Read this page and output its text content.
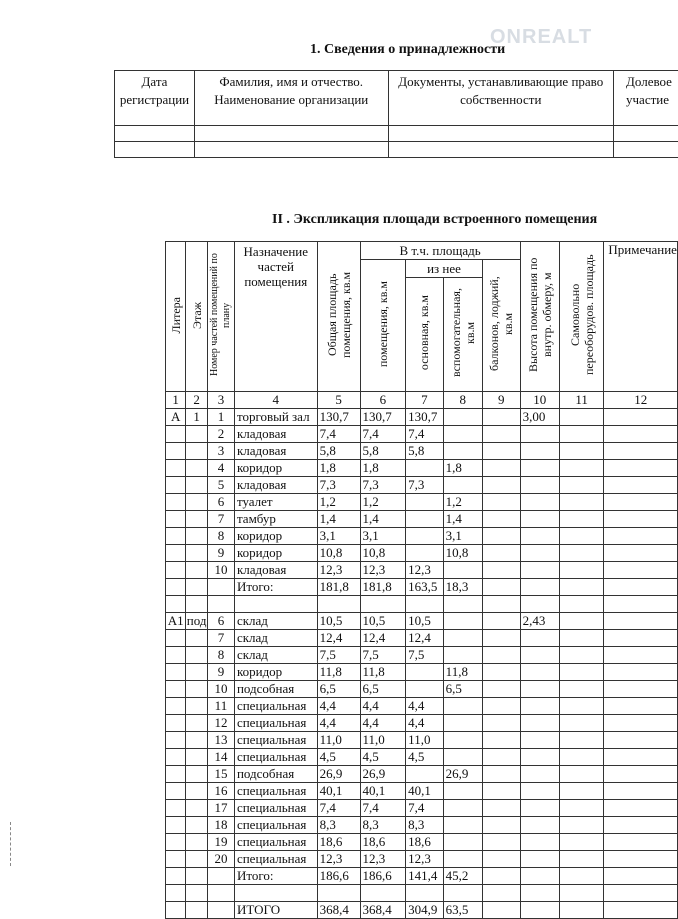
ONREALT
1. Сведения о принадлежности
Дата регистрации	Фамилия, имя и отчество. Наименование организации	Документы, устанавливающие право собственности	Долевое участие

II . Экспликация площади встроенного помещения
Литера	Этаж	Номер частей помещений по плану	Назначение частей помещения	Общая площадь помещения, кв.м	В т.ч. площадь				Высота помещения по внутр. обмеру, м	Самовольно переоборудов. площадь	Примечание
					помещения, кв.м	из нее		балконов, лоджий, кв.м			
						основная, кв.м	вспомогательная, кв.м				
1	2	3	4	5	6	7	8	9	10	11	12
А	1	1	торговый зал	130,7	130,7	130,7			3,00		
		2	кладовая	7,4	7,4	7,4					
		3	кладовая	5,8	5,8	5,8					
		4	коридор	1,8	1,8		1,8				
		5	кладовая	7,3	7,3	7,3					
		6	туалет	1,2	1,2		1,2				
		7	тамбур	1,4	1,4		1,4				
		8	коридор	3,1	3,1		3,1				
		9	коридор	10,8	10,8		10,8				
		10	кладовая	12,3	12,3	12,3					
			Итого:	181,8	181,8	163,5	18,3				

А1	под	6	склад	10,5	10,5	10,5			2,43		
		7	склад	12,4	12,4	12,4					
		8	склад	7,5	7,5	7,5					
		9	коридор	11,8	11,8		11,8				
		10	подсобная	6,5	6,5		6,5				
		11	специальная	4,4	4,4	4,4					
		12	специальная	4,4	4,4	4,4					
		13	специальная	11,0	11,0	11,0					
		14	специальная	4,5	4,5	4,5					
		15	подсобная	26,9	26,9		26,9				
		16	специальная	40,1	40,1	40,1					
		17	специальная	7,4	7,4	7,4					
		18	специальная	8,3	8,3	8,3					
		19	специальная	18,6	18,6	18,6					
		20	специальная	12,3	12,3	12,3					
			Итого:	186,6	186,6	141,4	45,2				

			ИТОГО	368,4	368,4	304,9	63,5				
